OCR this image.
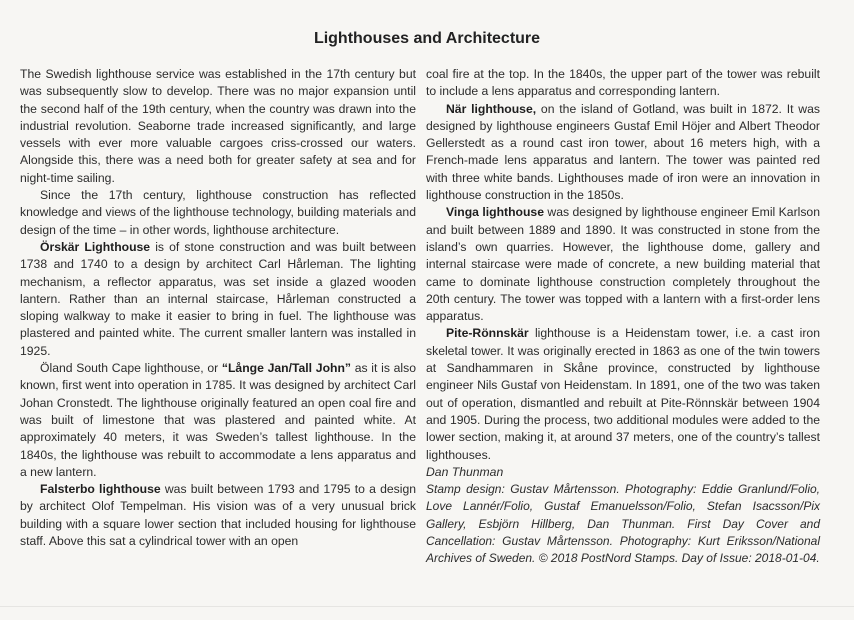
Lighthouses and Architecture

The Swedish lighthouse service was established in the 17th century but was subsequently slow to develop. There was no major expansion until the second half of the 19th century, when the country was drawn into the industrial revolution. Seaborne trade increased significantly, and large vessels with ever more valuable cargoes criss-crossed our waters. Alongside this, there was a need both for greater safety at sea and for night-time sailing.

Since the 17th century, lighthouse construction has reflected knowledge and views of the lighthouse technology, building materials and design of the time – in other words, lighthouse architecture.

Örskär Lighthouse is of stone construction and was built between 1738 and 1740 to a design by architect Carl Hårleman. The lighting mechanism, a reflector apparatus, was set inside a glazed wooden lantern. Rather than an internal staircase, Hårleman constructed a sloping walkway to make it easier to bring in fuel. The lighthouse was plastered and painted white. The current smaller lantern was installed in 1925.

Öland South Cape lighthouse, or “Långe Jan/Tall John” as it is also known, first went into operation in 1785. It was designed by architect Carl Johan Cronstedt. The lighthouse originally featured an open coal fire and was built of limestone that was plastered and painted white. At approximately 40 meters, it was Sweden’s tallest lighthouse. In the 1840s, the lighthouse was rebuilt to accommodate a lens apparatus and a new lantern.

Falsterbo lighthouse was built between 1793 and 1795 to a design by architect Olof Tempelman. His vision was of a very unusual brick building with a square lower section that included housing for lighthouse staff. Above this sat a cylindrical tower with an open

coal fire at the top. In the 1840s, the upper part of the tower was rebuilt to include a lens apparatus and corresponding lantern.

När lighthouse, on the island of Gotland, was built in 1872. It was designed by lighthouse engineers Gustaf Emil Höjer and Albert Theodor Gellerstedt as a round cast iron tower, about 16 meters high, with a French-made lens apparatus and lantern. The tower was painted red with three white bands. Lighthouses made of iron were an innovation in lighthouse construction in the 1850s.

Vinga lighthouse was designed by lighthouse engineer Emil Karlson and built between 1889 and 1890. It was constructed in stone from the island’s own quarries. However, the lighthouse dome, gallery and internal staircase were made of concrete, a new building material that came to dominate lighthouse construction completely throughout the 20th century. The tower was topped with a lantern with a first-order lens apparatus.

Pite-Rönnskär lighthouse is a Heidenstam tower, i.e. a cast iron skeletal tower. It was originally erected in 1863 as one of the twin towers at Sandhammaren in Skåne province, constructed by lighthouse engineer Nils Gustaf von Heidenstam. In 1891, one of the two was taken out of operation, dismantled and rebuilt at Pite-Rönnskär between 1904 and 1905. During the process, two additional modules were added to the lower section, making it, at around 37 meters, one of the country’s tallest lighthouses.

Dan Thunman

Stamp design: Gustav Mårtensson. Photography: Eddie Granlund/Folio, Love Lannér/Folio, Gustaf Emanuelsson/Folio, Stefan Isacsson/Pix Gallery, Esbjörn Hillberg, Dan Thunman. First Day Cover and Cancellation: Gustav Mårtensson. Photography: Kurt Eriksson/National Archives of Sweden. © 2018 PostNord Stamps. Day of Issue: 2018-01-04.
